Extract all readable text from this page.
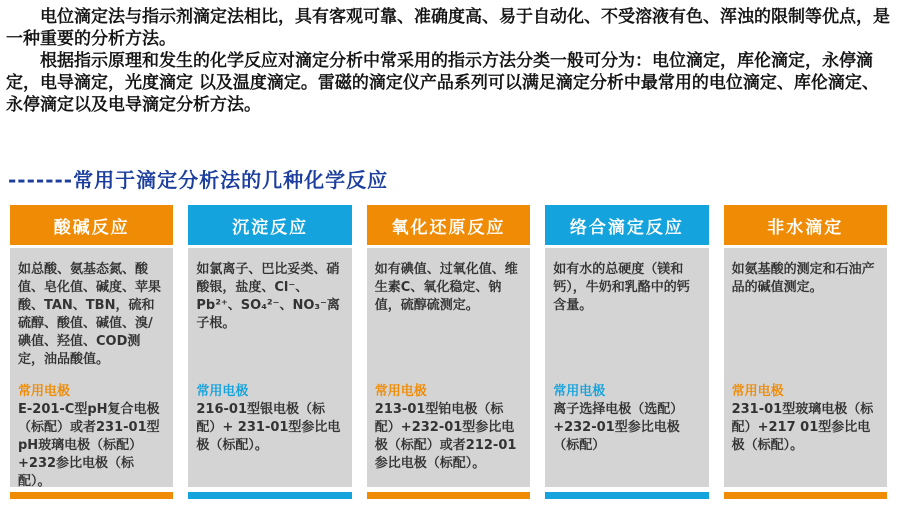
电位滴定法与指示剂滴定法相比，具有客观可靠、准确度高、易于自动化、不受溶液有色、浑浊的限制等优点，是一种重要的分析方法。

根据指示原理和发生的化学反应对滴定分析中常采用的指示方法分类一般可分为：电位滴定，库伦滴定，永停滴定，电导滴定，光度滴定 以及温度滴定。雷磁的滴定仪产品系列可以满足滴定分析中最常用的电位滴定、库伦滴定、永停滴定以及电导滴定分析方法。

-------常用于滴定分析法的几种化学反应
酸碱反应
如总酸、氨基态氮、酸值、皂化值、碱度、苹果酸、TAN、TBN，硫和硫醇、酸值、碱值、溴/碘值、羟值、COD测定，油品酸值。
常用电极
E-201-C型pH复合电极（标配）或者231-01型pH玻璃电极（标配）+232参比电极（标配）。
沉淀反应
如氯离子、巴比妥类、硝酸银，盐度、Cl⁻、Pb²⁺、SO₄²⁻、NO₃⁻离子根。
常用电极
216-01型银电极（标配）+ 231-01型参比电极（标配）。
氧化还原反应
如有碘值、过氧化值、维生素C、氧化稳定、钠值，硫醇硫测定。
常用电极
213-01型铂电极（标配）+232-01型参比电极（标配）或者212-01参比电极（标配）。
络合滴定反应
如有水的总硬度（镁和钙），牛奶和乳酪中的钙含量。
常用电极
离子选择电极（选配）+232-01型参比电极（标配）
非水滴定
如氨基酸的测定和石油产品的碱值测定。
常用电极
231-01型玻璃电极（标配）+217 01型参比电极（标配）。
